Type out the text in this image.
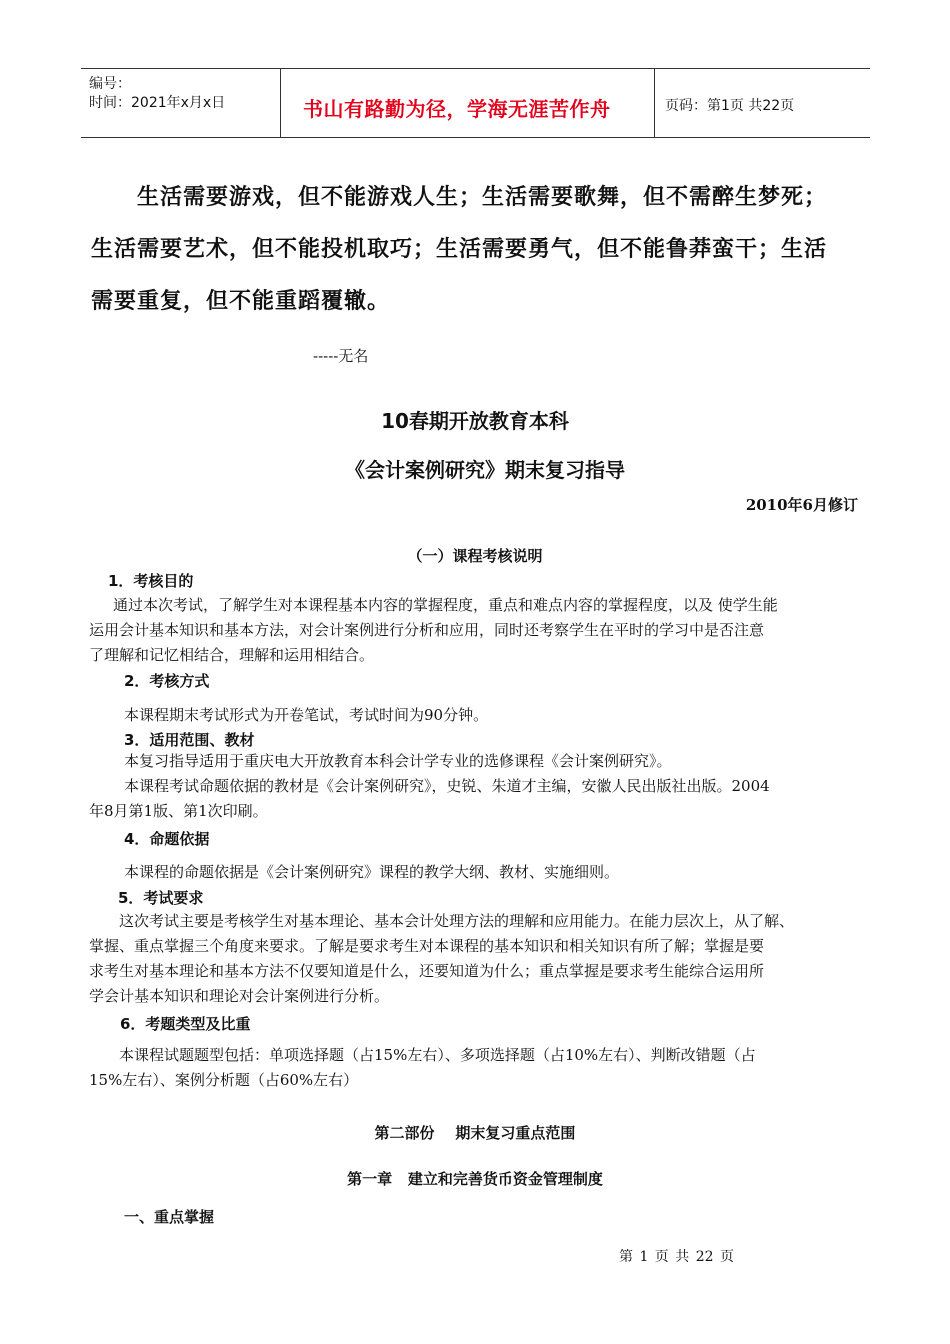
编号：
时间：2021年x月x日	书山有路勤为径，学海无涯苦作舟	页码：第1页 共22页
生活需要游戏，但不能游戏人生；生活需要歌舞，但不需醉生梦死；
生活需要艺术，但不能投机取巧；生活需要勇气，但不能鲁莽蛮干；生活
需要重复，但不能重蹈覆辙。
-----无名
10春期开放教育本科
《会计案例研究》期末复习指导
2010年6月修订
（一）课程考核说明
1．考核目的
通过本次考试，了解学生对本课程基本内容的掌握程度，重点和难点内容的掌握程度，以及 使学生能
运用会计基本知识和基本方法，对会计案例进行分析和应用，同时还考察学生在平时的学习中是否注意
了理解和记忆相结合，理解和运用相结合。
2．考核方式
本课程期末考试形式为开卷笔试，考试时间为90分钟。
3．适用范围、教材
本复习指导适用于重庆电大开放教育本科会计学专业的选修课程《会计案例研究》。
本课程考试命题依据的教材是《会计案例研究》，史锐、朱道才主编，安徽人民出版社出版。2004
年8月第1版、第1次印刷。
4．命题依据
本课程的命题依据是《会计案例研究》课程的教学大纲、教材、实施细则。
5．考试要求
这次考试主要是考核学生对基本理论、基本会计处理方法的理解和应用能力。在能力层次上，从了解、
掌握、重点掌握三个角度来要求。了解是要求考生对本课程的基本知识和相关知识有所了解；掌握是要
求考生对基本理论和基本方法不仅要知道是什么，还要知道为什么；重点掌握是要求考生能综合运用所
学会计基本知识和理论对会计案例进行分析。
6．考题类型及比重
本课程试题题型包括：单项选择题（占15%左右）、多项选择题（占10%左右）、判断改错题（占
15%左右）、案例分析题（占60%左右）
第二部份    期末复习重点范围
第一章   建立和完善货币资金管理制度
一、重点掌握
第 1 页 共 22 页
